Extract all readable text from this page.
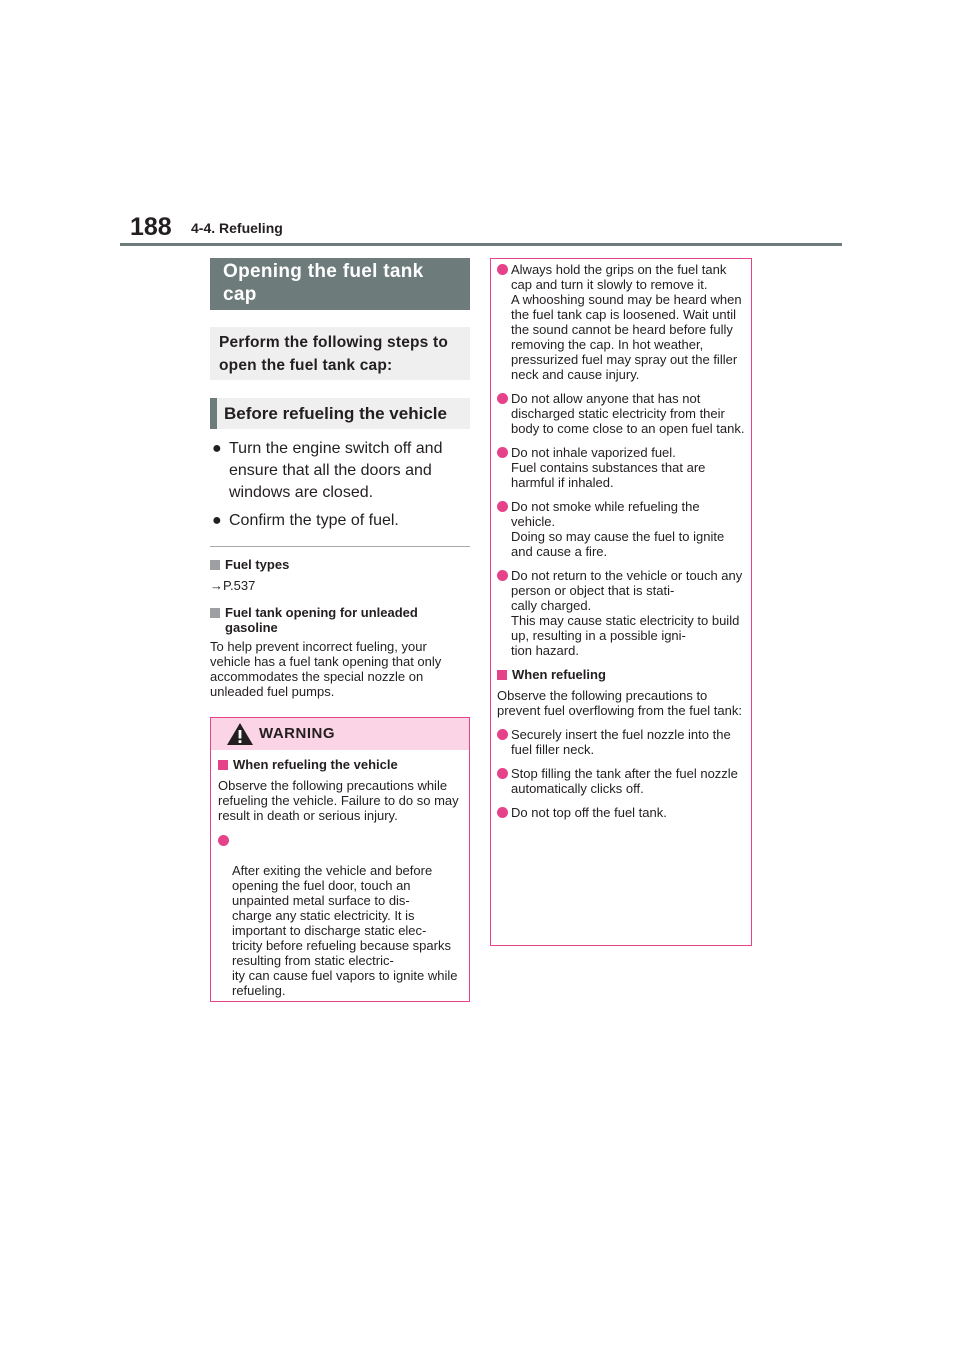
188 4-4. Refueling
Opening the fuel tank cap
Perform the following steps to open the fuel tank cap:
Before refueling the vehicle
● Turn the engine switch off and ensure that all the doors and windows are closed.
● Confirm the type of fuel.
Fuel types
→P.537
Fuel tank opening for unleaded gasoline
To help prevent incorrect fueling, your vehicle has a fuel tank opening that only accommodates the special nozzle on unleaded fuel pumps.
WARNING
When refueling the vehicle
Observe the following precautions while refueling the vehicle. Failure to do so may result in death or serious injury.

After exiting the vehicle and before opening the fuel door, touch an unpainted metal surface to dis-
charge any static electricity. It is important to discharge static elec-
tricity before refueling because sparks resulting from static electric-
ity can cause fuel vapors to ignite while refueling.

Always hold the grips on the fuel tank cap and turn it slowly to remove it.
A whooshing sound may be heard when the fuel tank cap is loosened. Wait until the sound cannot be heard before fully removing the cap. In hot weather, pressurized fuel may spray out the filler neck and cause injury.
Do not allow anyone that has not discharged static electricity from their body to come close to an open fuel tank.
Do not inhale vaporized fuel.
Fuel contains substances that are harmful if inhaled.
Do not smoke while refueling the vehicle.
Doing so may cause the fuel to ignite and cause a fire.
Do not return to the vehicle or touch any person or object that is stati-
cally charged.
This may cause static electricity to build up, resulting in a possible igni-
tion hazard.
When refueling
Observe the following precautions to prevent fuel overflowing from the fuel tank:
Securely insert the fuel nozzle into the fuel filler neck.
Stop filling the tank after the fuel nozzle automatically clicks off.
Do not top off the fuel tank.
